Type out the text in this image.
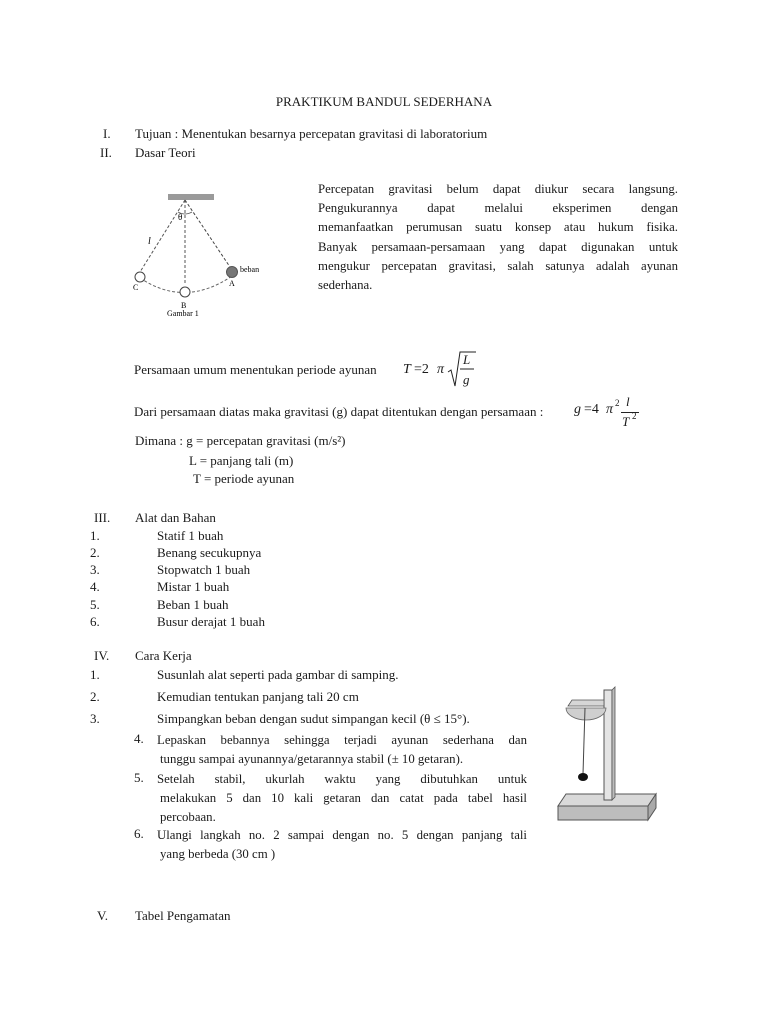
PRAKTIKUM BANDUL SEDERHANA
I.	Tujuan : Menentukan besarnya percepatan gravitasi di laboratorium
II.	Dasar Teori
θ
l
beban
A
B
C
Gambar 1
Percepatan gravitasi belum dapat diukur secara langsung.
Pengukurannya dapat melalui eksperimen dengan
memanfaatkan perumusan suatu konsep atau hukum fisika.
Banyak persamaan-persamaan yang dapat digunakan untuk
mengukur percepatan gravitasi, salah satunya adalah ayunan
sederhana.
Persamaan umum menentukan periode ayunan T =2 π
L
g
Dari persamaan diatas maka gravitasi (g) dapat ditentukan dengan persamaan : g =4 π 2 l
T 2
Dimana : g = percepatan gravitasi (m/s²)
L = panjang tali (m)
T = periode ayunan
III.	Alat dan Bahan
1.	Statif 1 buah
2.	Benang secukupnya
3.	Stopwatch 1 buah
4.	Mistar 1 buah
5.	Beban 1 buah
6.	Busur derajat 1 buah
IV.	Cara Kerja
1.	Susunlah alat seperti pada gambar di samping.
2.	Kemudian tentukan panjang tali 20 cm
3.	Simpangkan beban dengan sudut simpangan kecil (θ ≤ 15°).
4. Lepaskan bebannya sehingga terjadi ayunan sederhana dan
tunggu sampai ayunannya/getarannya stabil (± 10 getaran).
5. Setelah stabil, ukurlah waktu yang dibutuhkan untuk
melakukan 5 dan 10 kali getaran dan catat pada tabel hasil
percobaan.
6. Ulangi langkah no. 2 sampai dengan no. 5 dengan panjang tali
yang berbeda (30 cm )
V.	Tabel Pengamatan
